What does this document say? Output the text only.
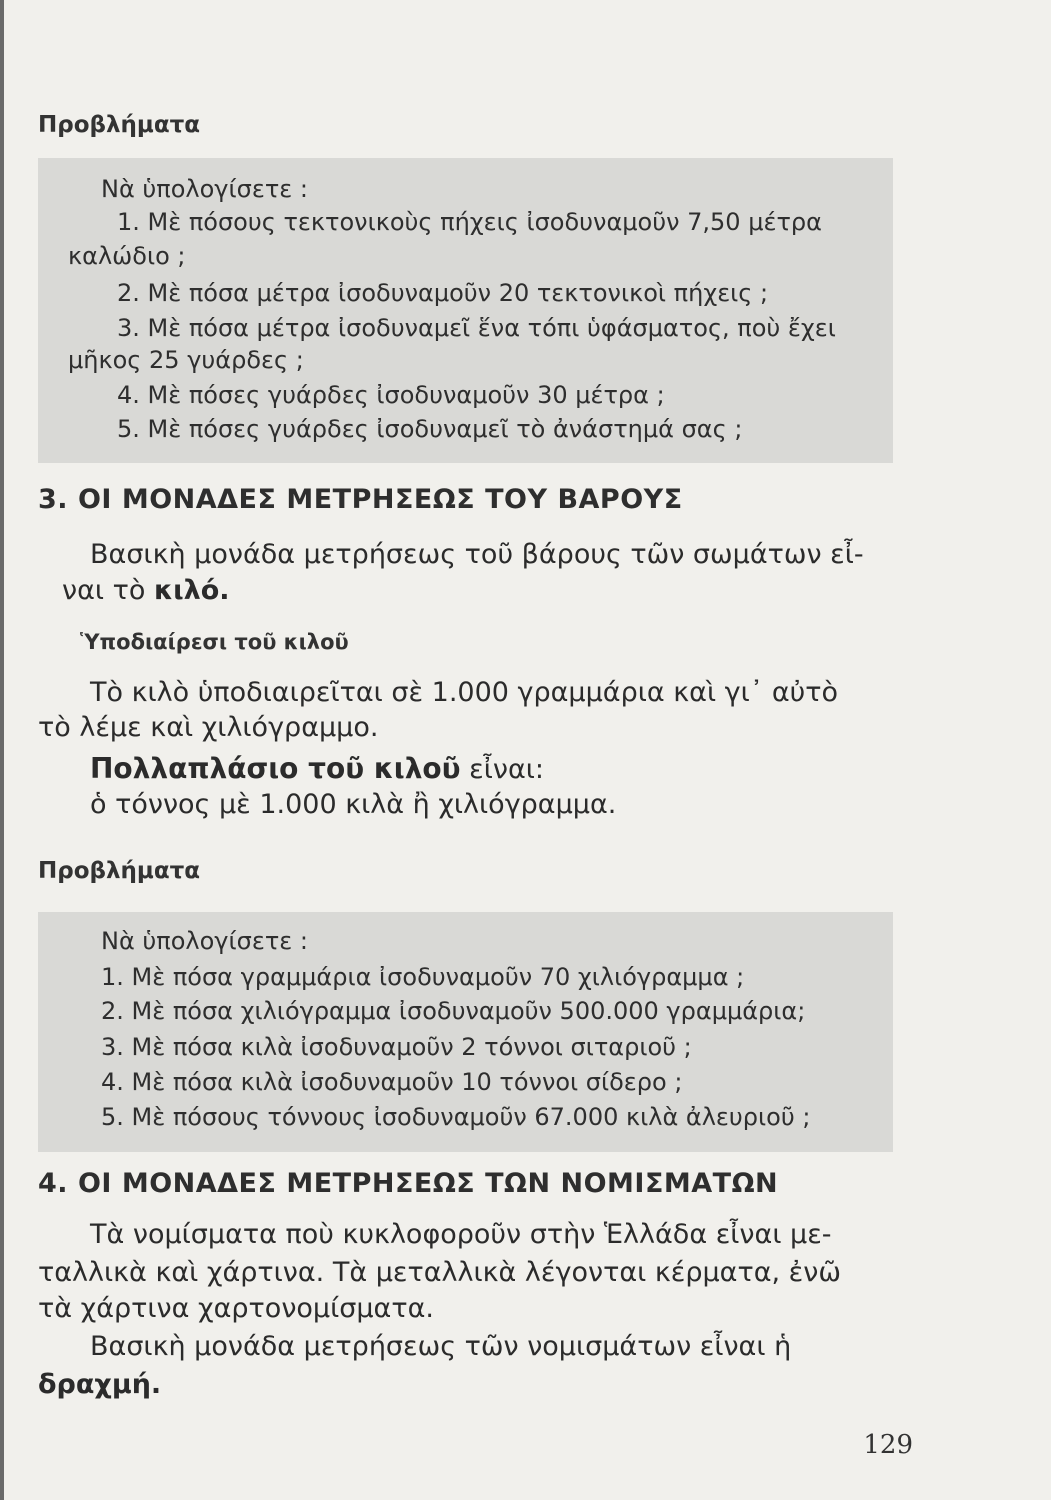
Προβλήματα
Νὰ ὑπολογίσετε :
1. Μὲ πόσους τεκτονικοὺς πήχεις ἰσοδυναμοῦν 7,50 μέτρα
καλώδιο ;
2. Μὲ πόσα μέτρα ἰσοδυναμοῦν 20 τεκτονικοὶ πήχεις ;
3. Μὲ πόσα μέτρα ἰσοδυναμεῖ ἕνα τόπι ὑφάσματος, ποὺ ἔχει
μῆκος 25 γυάρδες ;
4. Μὲ πόσες γυάρδες ἰσοδυναμοῦν 30 μέτρα ;
5. Μὲ πόσες γυάρδες ἰσοδυναμεῖ τὸ ἀνάστημά σας ;
3. ΟΙ ΜΟΝΑΔΕΣ ΜΕΤΡΗΣΕΩΣ ΤΟΥ ΒΑΡΟΥΣ
Βασικὴ μονάδα μετρήσεως τοῦ βάρους τῶν σωμάτων εἶ-
ναι τὸ κιλό.
Ὑποδιαίρεσι τοῦ κιλοῦ
Τὸ κιλὸ ὑποδιαιρεῖται σὲ 1.000 γραμμάρια καὶ γι᾿ αὐτὸ
τὸ λέμε καὶ χιλιόγραμμο.
Πολλαπλάσιο τοῦ κιλοῦ εἶναι:
ὁ τόννος μὲ 1.000 κιλὰ ἢ χιλιόγραμμα.
Προβλήματα
Νὰ ὑπολογίσετε :
1. Μὲ πόσα γραμμάρια ἰσοδυναμοῦν 70 χιλιόγραμμα ;
2. Μὲ πόσα χιλιόγραμμα ἰσοδυναμοῦν 500.000 γραμμάρια;
3. Μὲ πόσα κιλὰ ἰσοδυναμοῦν 2 τόννοι σιταριοῦ ;
4. Μὲ πόσα κιλὰ ἰσοδυναμοῦν 10 τόννοι σίδερο ;
5. Μὲ πόσους τόννους ἰσοδυναμοῦν 67.000 κιλὰ ἀλευριοῦ ;
4. ΟΙ ΜΟΝΑΔΕΣ ΜΕΤΡΗΣΕΩΣ ΤΩΝ ΝΟΜΙΣΜΑΤΩΝ
Τὰ νομίσματα ποὺ κυκλοφοροῦν στὴν Ἑλλάδα εἶναι με-
ταλλικὰ καὶ χάρτινα. Τὰ μεταλλικὰ λέγονται κέρματα, ἐνῶ
τὰ χάρτινα χαρτονομίσματα.
Βασικὴ μονάδα μετρήσεως τῶν νομισμάτων εἶναι ἡ
δραχμή.
129
